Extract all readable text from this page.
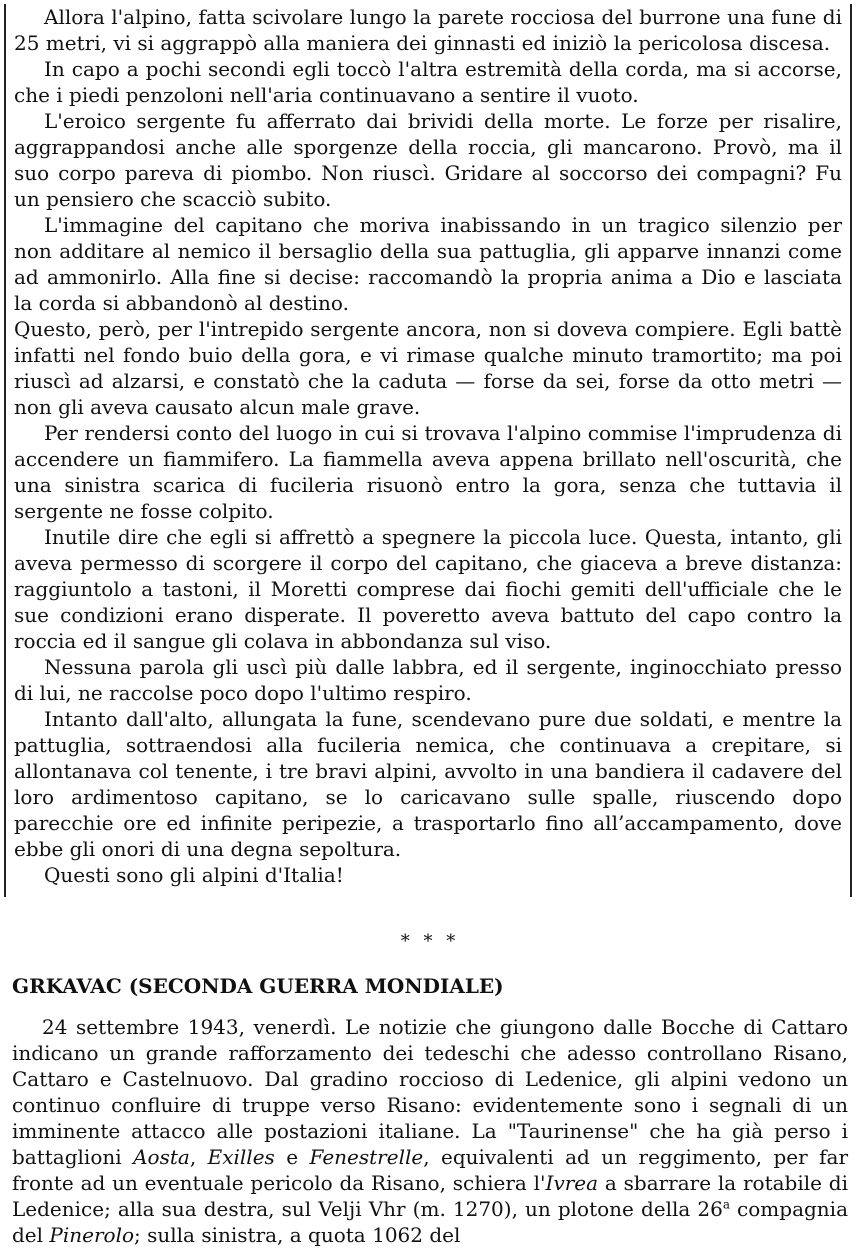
Allora l'alpino, fatta scivolare lungo la parete rocciosa del burrone una fune di 25 metri, vi si aggrappò alla maniera dei ginnasti ed iniziò la pericolosa discesa.

In capo a pochi secondi egli toccò l'altra estremità della corda, ma si accorse, che i piedi penzoloni nell'aria continuavano a sentire il vuoto.

L'eroico sergente fu afferrato dai brividi della morte. Le forze per risalire, aggrappandosi anche alle sporgenze della roccia, gli mancarono. Provò, ma il suo corpo pareva di piombo. Non riuscì. Gridare al soccorso dei compagni? Fu un pensiero che scacciò subito.

L'immagine del capitano che moriva inabissando in un tragico silenzio per non additare al nemico il bersaglio della sua pattuglia, gli apparve innanzi come ad ammonirlo. Alla fine si decise: raccomandò la propria anima a Dio e lasciata la corda si abbandonò al destino.

Questo, però, per l'intrepido sergente ancora, non si doveva compiere. Egli battè infatti nel fondo buio della gora, e vi rimase qualche minuto tramortito; ma poi riuscì ad alzarsi, e constatò che la caduta — forse da sei, forse da otto metri — non gli aveva causato alcun male grave.

Per rendersi conto del luogo in cui si trovava l'alpino commise l'imprudenza di accendere un fiammifero. La fiammella aveva appena brillato nell'oscurità, che una sinistra scarica di fucileria risuonò entro la gora, senza che tuttavia il sergente ne fosse colpito.

Inutile dire che egli si affrettò a spegnere la piccola luce. Questa, intanto, gli aveva permesso di scorgere il corpo del capitano, che giaceva a breve distanza: raggiuntolo a tastoni, il Moretti comprese dai fiochi gemiti dell'ufficiale che le sue condizioni erano disperate. Il poveretto aveva battuto del capo contro la roccia ed il sangue gli colava in abbondanza sul viso.

Nessuna parola gli uscì più dalle labbra, ed il sergente, inginocchiato presso di lui, ne raccolse poco dopo l'ultimo respiro.

Intanto dall'alto, allungata la fune, scendevano pure due soldati, e mentre la pattuglia, sottraendosi alla fucileria nemica, che continuava a crepitare, si allontanava col tenente, i tre bravi alpini, avvolto in una bandiera il cadavere del loro ardimentoso capitano, se lo caricavano sulle spalle, riuscendo dopo parecchie ore ed infinite peripezie, a trasportarlo fino all’accampamento, dove ebbe gli onori di una degna sepoltura.

Questi sono gli alpini d'Italia!

* * *
GRKAVAC (SECONDA GUERRA MONDIALE)

24 settembre 1943, venerdì. Le notizie che giungono dalle Bocche di Cattaro indicano un grande rafforzamento dei tedeschi che adesso controllano Risano, Cattaro e Castelnuovo. Dal gradino roccioso di Ledenice, gli alpini vedono un continuo confluire di truppe verso Risano: evidentemente sono i segnali di un imminente attacco alle postazioni italiane. La "Taurinense" che ha già perso i battaglioni Aosta, Exilles e Fenestrelle, equivalenti ad un reggimento, per far fronte ad un eventuale pericolo da Risano, schiera l'Ivrea a sbarrare la rotabile di Ledenice; alla sua destra, sul Velji Vhr (m. 1270), un plotone della 26$^a$ compagnia del Pinerolo; sulla sinistra, a quota 1062 del
